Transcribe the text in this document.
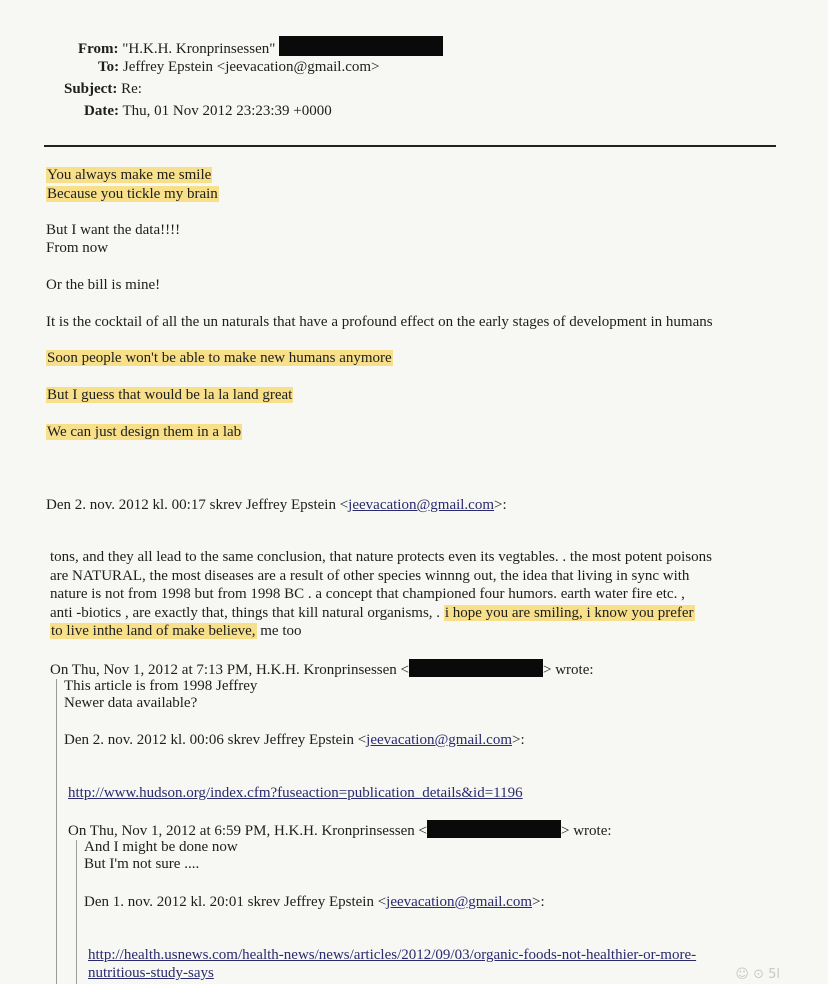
From: "H.K.H. Kronprinsessen"
To: Jeffrey Epstein <jeevacation@gmail.com>
Subject: Re:
Date: Thu, 01 Nov 2012 23:23:39 +0000
You always make me smile
Because you tickle my brain
But I want the data!!!!
From now
Or the bill is mine!
It is the cocktail of all the un naturals that have a profound effect on the early stages of development in humans
Soon people won't be able to make new humans anymore
But I guess that would be la la land great
We can just design them in a lab
Den 2. nov. 2012 kl. 00:17 skrev Jeffrey Epstein <jeevacation@gmail.com>:
tons, and they all lead to the same conclusion, that nature protects even its vegtables. . the most potent poisons
are NATURAL, the most diseases are a result of other species winnng out, the idea that living in sync with
nature is not from 1998 but from 1998 BC . a concept that championed four humors. earth water fire etc. ,
anti -biotics , are exactly that, things that kill natural organisms, . i hope you are smiling, i know you prefer
to live inthe land of make believe, me too
On Thu, Nov 1, 2012 at 7:13 PM, H.K.H. Kronprinsessen <	> wrote:
This article is from 1998 Jeffrey
Newer data available?
Den 2. nov. 2012 kl. 00:06 skrev Jeffrey Epstein <jeevacation@gmail.com>:
http://www.hudson.org/index.cfm?fuseaction=publication_details&id=1196
On Thu, Nov 1, 2012 at 6:59 PM, H.K.H. Kronprinsessen <	> wrote:
And I might be done now
But I'm not sure ....
Den 1. nov. 2012 kl. 20:01 skrev Jeffrey Epstein <jeevacation@gmail.com>:
http://health.usnews.com/health-news/news/articles/2012/09/03/organic-foods-not-healthier-or-more-
nutritious-study-says	☺ ⊙ 5l
